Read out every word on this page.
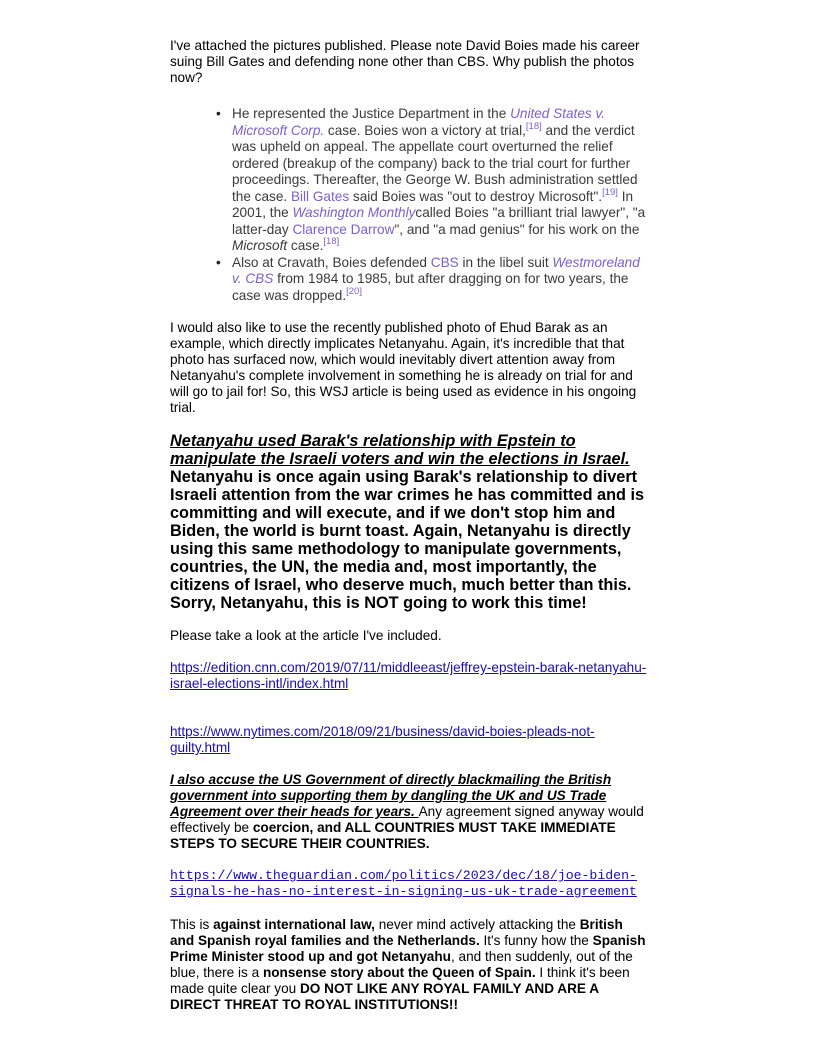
I've attached the pictures published. Please note David Boies made his career suing Bill Gates and defending none other than CBS. Why publish the photos now?

• He represented the Justice Department in the United States v. Microsoft Corp. case. Boies won a victory at trial,[18] and the verdict was upheld on appeal. The appellate court overturned the relief ordered (breakup of the company) back to the trial court for further proceedings. Thereafter, the George W. Bush administration settled the case. Bill Gates said Boies was "out to destroy Microsoft".[19] In 2001, the Washington Monthlycalled Boies "a brilliant trial lawyer", "a latter-day Clarence Darrow", and "a mad genius" for his work on the Microsoft case.[18]
• Also at Cravath, Boies defended CBS in the libel suit Westmoreland v. CBS from 1984 to 1985, but after dragging on for two years, the case was dropped.[20]

I would also like to use the recently published photo of Ehud Barak as an example, which directly implicates Netanyahu. Again, it's incredible that that photo has surfaced now, which would inevitably divert attention away from Netanyahu's complete involvement in something he is already on trial for and will go to jail for! So, this WSJ article is being used as evidence in his ongoing trial.

Netanyahu used Barak's relationship with Epstein to manipulate the Israeli voters and win the elections in Israel.

Netanyahu is once again using Barak's relationship to divert Israeli attention from the war crimes he has committed and is committing and will execute, and if we don't stop him and Biden, the world is burnt toast. Again, Netanyahu is directly using this same methodology to manipulate governments, countries, the UN, the media and, most importantly, the citizens of Israel, who deserve much, much better than this. Sorry, Netanyahu, this is NOT going to work this time!

Please take a look at the article I've included.

https://edition.cnn.com/2019/07/11/middleeast/jeffrey-epstein-barak-netanyahu-israel-elections-intl/index.html
https://www.nytimes.com/2018/09/21/business/david-boies-pleads-not-guilty.html

I also accuse the US Government of directly blackmailing the British government into supporting them by dangling the UK and US Trade Agreement over their heads for years. Any agreement signed anyway would effectively be coercion, and ALL COUNTRIES MUST TAKE IMMEDIATE STEPS TO SECURE THEIR COUNTRIES.

https://www.theguardian.com/politics/2023/dec/18/joe-biden-signals-he-has-no-interest-in-signing-us-uk-trade-agreement

This is against international law, never mind actively attacking the British and Spanish royal families and the Netherlands. It's funny how the Spanish Prime Minister stood up and got Netanyahu, and then suddenly, out of the blue, there is a nonsense story about the Queen of Spain. I think it's been made quite clear you DO NOT LIKE ANY ROYAL FAMILY AND ARE A DIRECT THREAT TO ROYAL INSTITUTIONS!!
